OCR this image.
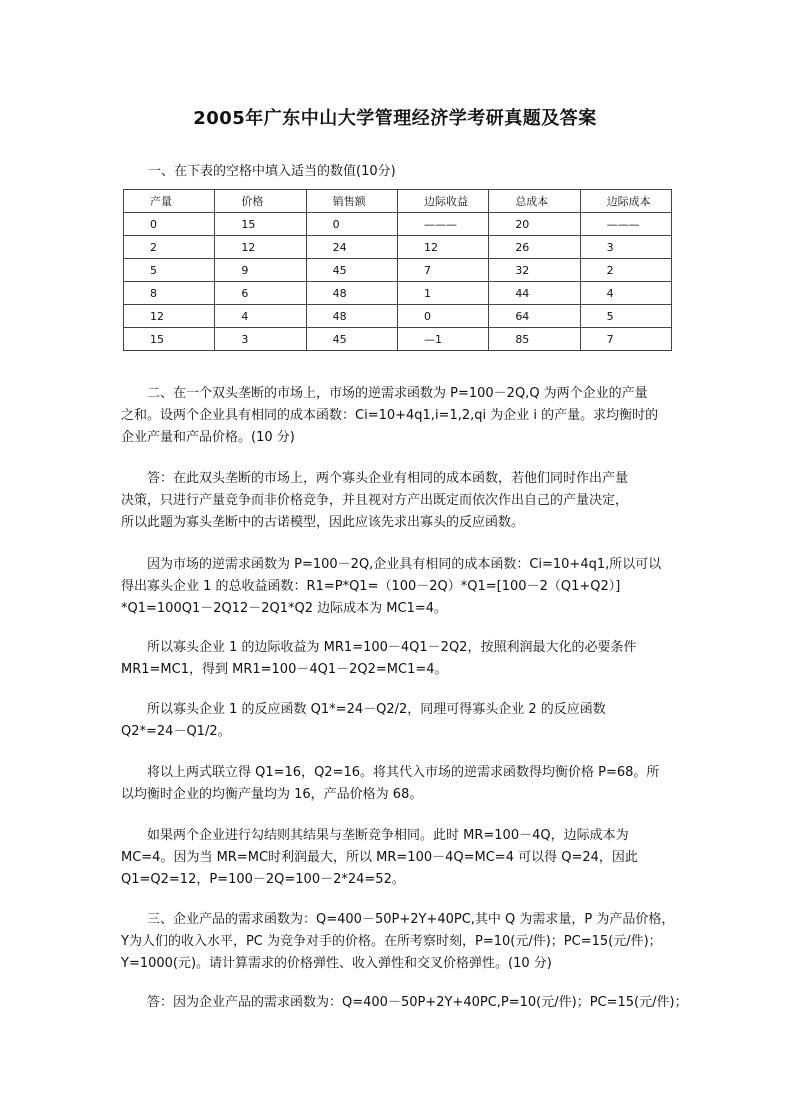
2005年广东中山大学管理经济学考研真题及答案
一、在下表的空格中填入适当的数值(10分)
产量	价格	销售额	边际收益	总成本	边际成本
0	15	0	———	20	———
2	12	24	12	26	3
5	9	45	7	32	2
8	6	48	1	44	4
12	4	48	0	64	5
15	3	45	—1	85	7
二、在一个双头垄断的市场上，市场的逆需求函数为 P=100－2Q,Q 为两个企业的产量
之和。设两个企业具有相同的成本函数：Ci=10+4q1,i=1,2,qi 为企业 i 的产量。求均衡时的
企业产量和产品价格。(10 分)
答：在此双头垄断的市场上，两个寡头企业有相同的成本函数，若他们同时作出产量
决策，只进行产量竞争而非价格竞争，并且视对方产出既定而依次作出自己的产量决定，
所以此题为寡头垄断中的古诺模型，因此应该先求出寡头的反应函数。
因为市场的逆需求函数为 P=100－2Q,企业具有相同的成本函数：Ci=10+4q1,所以可以
得出寡头企业 1 的总收益函数：R1=P*Q1=（100－2Q）*Q1=[100－2（Q1+Q2）]
*Q1=100Q1－2Q12－2Q1*Q2 边际成本为 MC1=4。
所以寡头企业 1 的边际收益为 MR1=100－4Q1－2Q2，按照利润最大化的必要条件
MR1=MC1，得到 MR1=100－4Q1－2Q2=MC1=4。
所以寡头企业 1 的反应函数 Q1*=24－Q2/2，同理可得寡头企业 2 的反应函数
Q2*=24－Q1/2。
将以上两式联立得 Q1=16，Q2=16。将其代入市场的逆需求函数得均衡价格 P=68。所
以均衡时企业的均衡产量均为 16，产品价格为 68。
如果两个企业进行勾结则其结果与垄断竞争相同。此时 MR=100－4Q，边际成本为
MC=4。因为当 MR=MC时利润最大，所以 MR=100－4Q=MC=4 可以得 Q=24，因此
Q1=Q2=12，P=100－2Q=100－2*24=52。
三、企业产品的需求函数为：Q=400－50P+2Y+40PC,其中 Q 为需求量，P 为产品价格，
Y为人们的收入水平，PC 为竞争对手的价格。在所考察时刻，P=10(元/件)；PC=15(元/件)；
Y=1000(元)。请计算需求的价格弹性、收入弹性和交叉价格弹性。(10 分)
答：因为企业产品的需求函数为：Q=400－50P+2Y+40PC,P=10(元/件)；PC=15(元/件)；
